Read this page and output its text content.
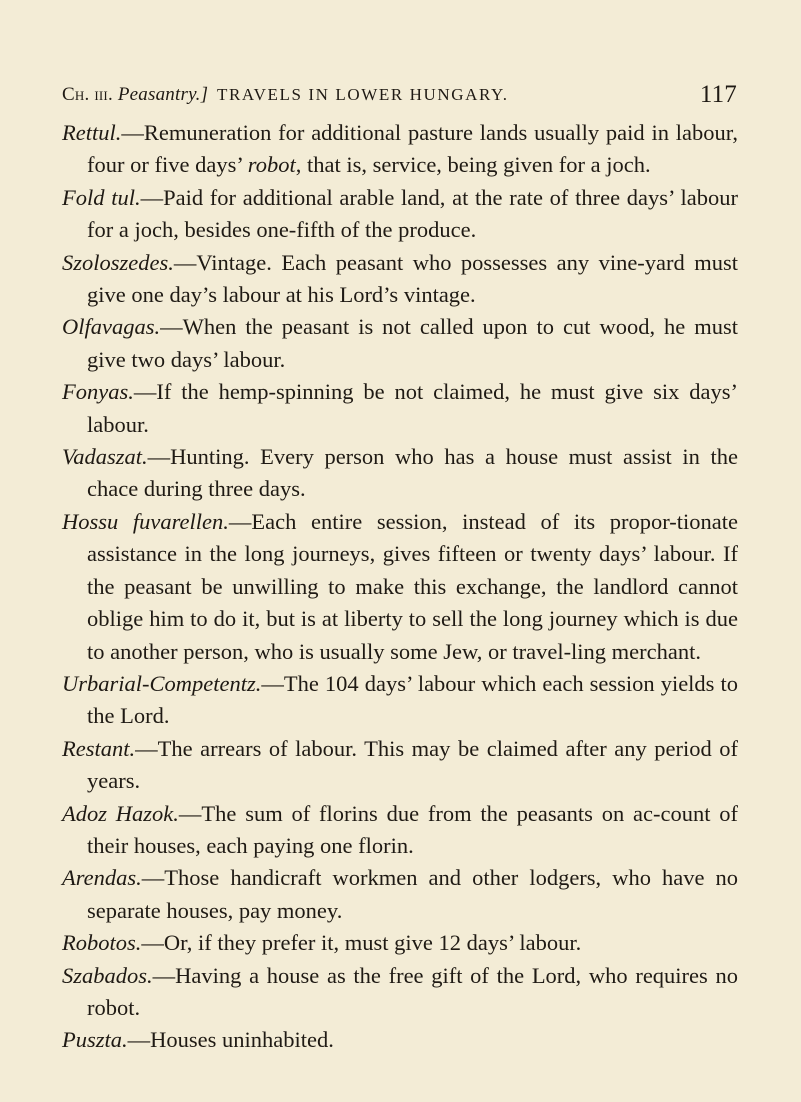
Ch. iii. Peasantry.] TRAVELS IN LOWER HUNGARY.	117

Rettul.—Remuneration for additional pasture lands usually paid in labour, four or five days’ robot, that is, service, being given for a joch.

Fold tul.—Paid for additional arable land, at the rate of three days’ labour for a joch, besides one-fifth of the produce.

Szoloszedes.—Vintage. Each peasant who possesses any vine-yard must give one day’s labour at his Lord’s vintage.

Olfavagas.—When the peasant is not called upon to cut wood, he must give two days’ labour.

Fonyas.—If the hemp-spinning be not claimed, he must give six days’ labour.

Vadaszat.—Hunting. Every person who has a house must assist in the chace during three days.

Hossu fuvarellen.—Each entire session, instead of its propor-tionate assistance in the long journeys, gives fifteen or twenty days’ labour. If the peasant be unwilling to make this exchange, the landlord cannot oblige him to do it, but is at liberty to sell the long journey which is due to another person, who is usually some Jew, or travel-ling merchant.

Urbarial-Competentz.—The 104 days’ labour which each session yields to the Lord.

Restant.—The arrears of labour. This may be claimed after any period of years.

Adoz Hazok.—The sum of florins due from the peasants on ac-count of their houses, each paying one florin.

Arendas.—Those handicraft workmen and other lodgers, who have no separate houses, pay money.

Robotos.—Or, if they prefer it, must give 12 days’ labour.

Szabados.—Having a house as the free gift of the Lord, who requires no robot.

Puszta.—Houses uninhabited.
